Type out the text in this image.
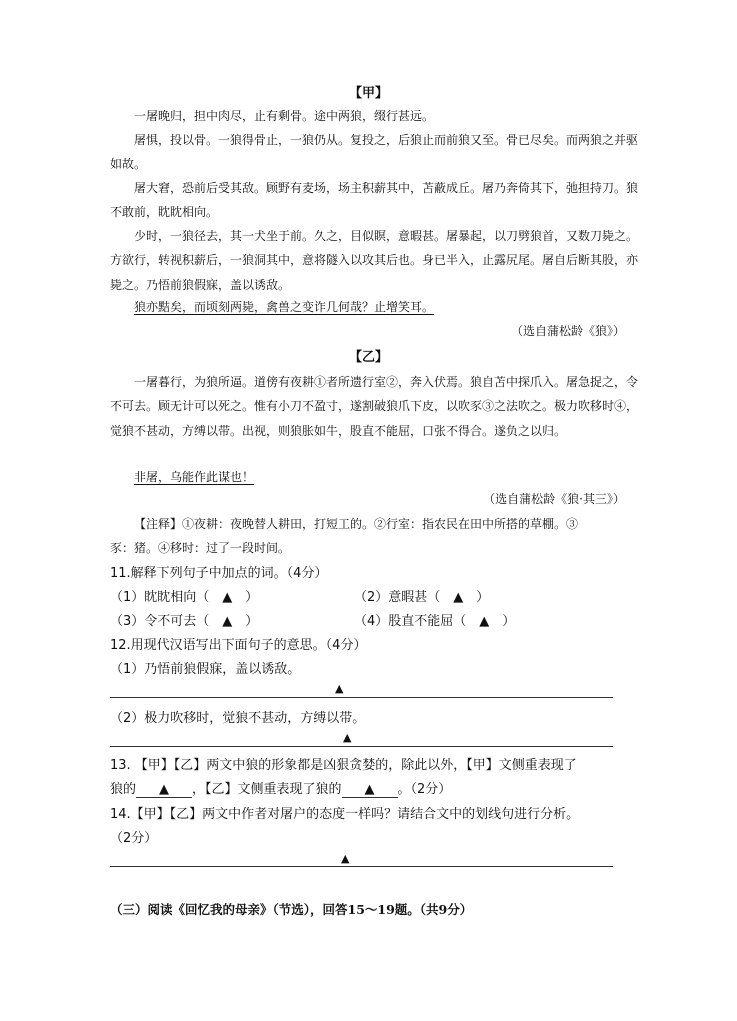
【甲】

一屠晚归，担中肉尽，止有剩骨。途中两狼，缀行甚远。

屠惧，投以骨。一狼得骨止，一狼仍从。复投之，后狼止而前狼又至。骨已尽矣。而两狼之并驱如故。

屠大窘，恐前后受其敌。顾野有麦场，场主积薪其中，苫蔽成丘。屠乃奔倚其下，弛担持刀。狼不敢前，眈眈相向。

少时，一狼径去，其一犬坐于前。久之，目似瞑，意暇甚。屠暴起，以刀劈狼首，又数刀毙之。方欲行，转视积薪后，一狼洞其中，意将隧入以攻其后也。身已半入，止露尻尾。屠自后断其股，亦毙之。乃悟前狼假寐，盖以诱敌。

狼亦黠矣，而顷刻两毙，禽兽之变诈几何哉？止增笑耳。
（选自蒲松龄《狼》）
【乙】

一屠暮行，为狼所逼。道傍有夜耕①者所遗行室②，奔入伏焉。狼自苫中探爪入。屠急捉之，令不可去。顾无计可以死之。惟有小刀不盈寸，遂割破狼爪下皮，以吹豕③之法吹之。极力吹移时④，觉狼不甚动，方缚以带。出视，则狼胀如牛，股直不能屈，口张不得合。遂负之以归。

非屠，乌能作此谋也！
（选自蒲松龄《狼·其三》）
【注释】①夜耕：夜晚替人耕田，打短工的。②行室：指农民在田中所搭的草棚。③
豕：猪。④移时：过了一段时间。
11.解释下列句子中加点的词。（4分）
（1）眈眈相向（　▲　）	（2）意暇甚（　▲　）
（3）令不可去（　▲　）	（4）股直不能屈（　▲　）
12.用现代汉语写出下面句子的意思。（4分）
（1）乃悟前狼假寐，盖以诱敌。
▲
（2）极力吹移时，觉狼不甚动，方缚以带。
▲
13. 【甲】【乙】两文中狼的形象都是凶狠贪婪的，除此以外，【甲】文侧重表现了
狼的 ▲ ，【乙】文侧重表现了狼的 ▲ 。（2分）
14.【甲】【乙】两文中作者对屠户的态度一样吗？请结合文中的划线句进行分析。
（2分）
▲
（三）阅读《回忆我的母亲》（节选），回答15～19题。（共9分）
